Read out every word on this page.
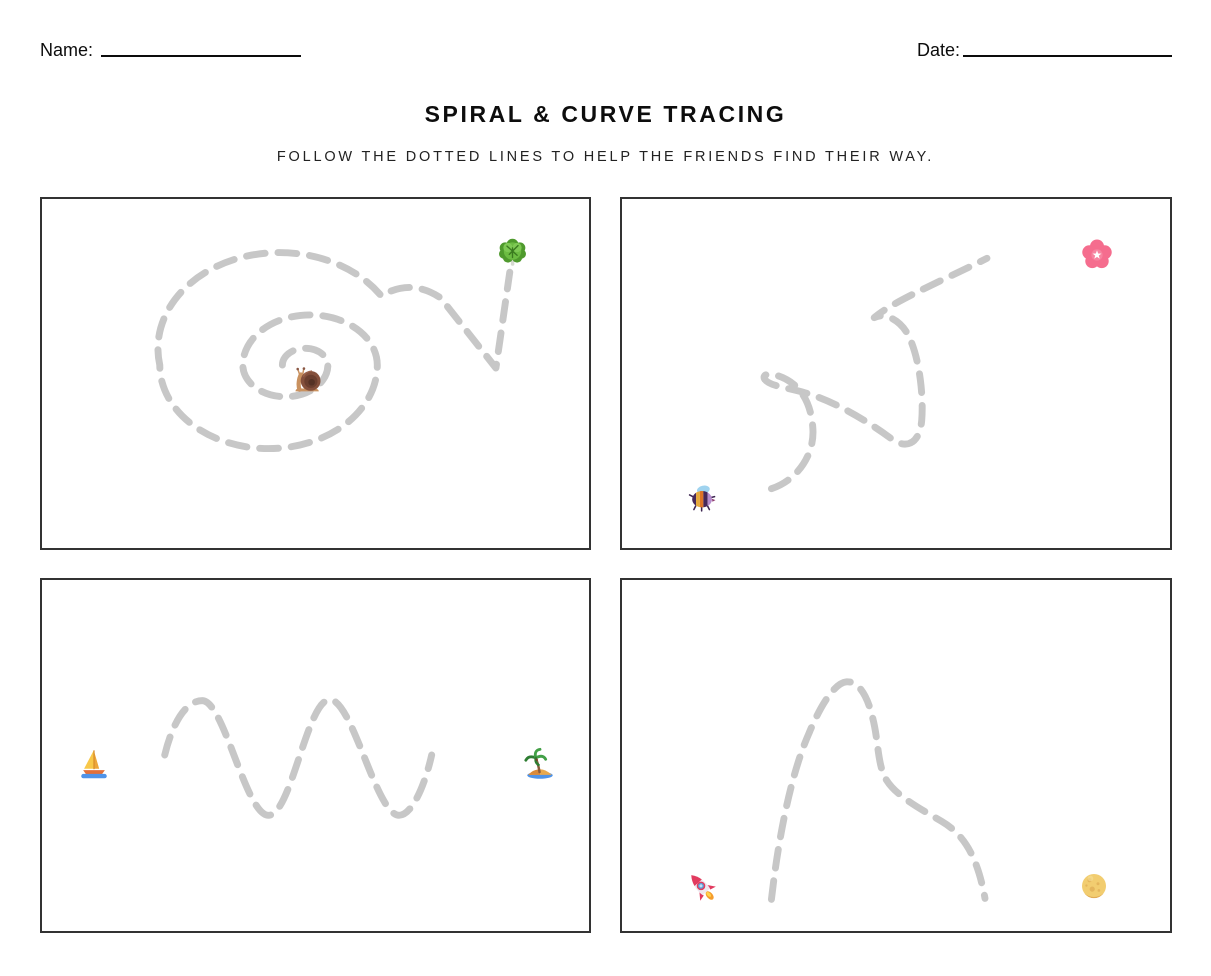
Name:	Date:
SPIRAL & CURVE TRACING
FOLLOW THE DOTTED LINES TO HELP THE FRIENDS FIND THEIR WAY.
